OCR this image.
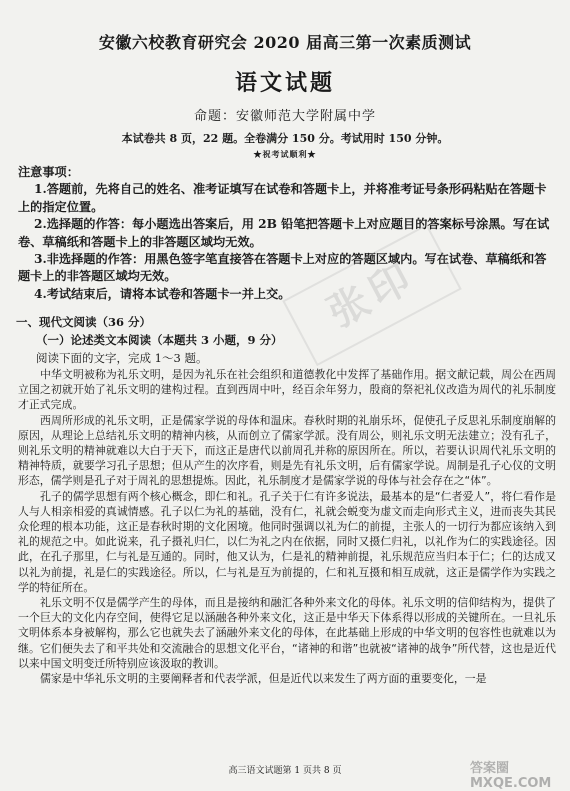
安徽六校教育研究会 2020 届高三第一次素质测试
语文试题
命题：安徽师范大学附属中学
本试卷共 8 页，22 题。全卷满分 150 分。考试用时 150 分钟。
★祝考试顺利★
注意事项：
1.答题前，先将自己的姓名、准考证填写在试卷和答题卡上，并将准考证号条形码粘贴在答题卡上的指定位置。
2.选择题的作答：每小题选出答案后，用 2B 铅笔把答题卡上对应题目的答案标号涂黑。写在试卷、草稿纸和答题卡上的非答题区域均无效。
3.非选择题的作答：用黑色签字笔直接答在答题卡上对应的答题区域内。写在试卷、草稿纸和答题卡上的非答题区域均无效。
4.考试结束后，请将本试卷和答题卡一并上交。 张印
一、现代文阅读（36 分）
（一）论述类文本阅读（本题共 3 小题，9 分）
阅读下面的文字，完成 1～3 题。

中华文明被称为礼乐文明，是因为礼乐在社会组织和道德教化中发挥了基础作用。据文献记载，周公在西周立国之初就开始了礼乐文明的建构过程。直到西周中叶，经百余年努力，殷商的祭祀礼仪改造为周代的礼乐制度才正式完成。

西周所形成的礼乐文明，正是儒家学说的母体和温床。春秋时期的礼崩乐坏，促使孔子反思礼乐制度崩解的原因，从理论上总结礼乐文明的精神内核，从而创立了儒家学派。没有周公，则礼乐文明无法建立；没有孔子，则礼乐文明的精神就难以大白于天下，而这正是唐代以前周孔并称的原因所在。所以，若要认识周代礼乐文明的精神特质，就要学习孔子思想；但从产生的次序看，则是先有礼乐文明，后有儒家学说。周制是孔子心仪的文明形态，儒学则是孔子对于周礼的思想提炼。因此，礼乐制度才是儒家学说的母体与社会存在之“体”。

孔子的儒学思想有两个核心概念，即仁和礼。孔子关于仁有许多说法，最基本的是“仁者爱人”，将仁看作是人与人相亲相爱的真诚情感。孔子以仁为礼的基础，没有仁，礼就会蜕变为虚文而走向形式主义，进而丧失其民众伦理的根本功能，这正是春秋时期的文化困境。他同时强调以礼为仁的前提，主张人的一切行为都应该纳入到礼的规范之中。如此说来，孔子摄礼归仁，以仁为礼之内在依据，同时又摄仁归礼，以礼作为仁的实践途径。因此，在孔子那里，仁与礼是互通的。同时，他又认为，仁是礼的精神前提，礼乐规范应当归本于仁；仁的达成又以礼为前提，礼是仁的实践途径。所以，仁与礼是互为前提的，仁和礼互摄和相互成就，这正是儒学作为实践之学的特征所在。

礼乐文明不仅是儒学产生的母体，而且是接纳和融汇各种外来文化的母体。礼乐文明的信仰结构为，提供了一个巨大的文化内存空间，使得它足以涵融各种外来文化，这正是中华天下体系得以形成的关键所在。一旦礼乐文明体系本身被解构，那么它也就失去了涵融外来文化的母体，在此基础上形成的中华文明的包容性也就难以为继。它们便失去了和平共处和交流融合的思想文化平台，“诸神的和谐”也就被“诸神的战争”所代替，这也是近代以来中国文明变迁所特别应该汲取的教训。

儒家是中华礼乐文明的主要阐释者和代表学派，但是近代以来发生了两方面的重要变化，一是

高三语文试题第 1 页共 8 页	答案圈 MXQE.COM
